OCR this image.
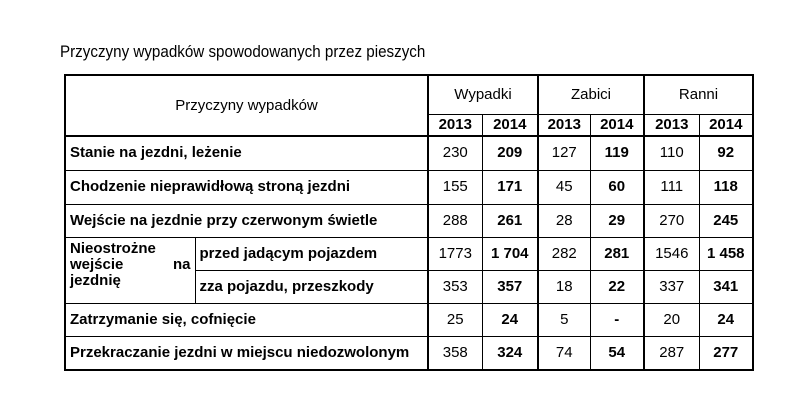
Przyczyny wypadków spowodowanych przez pieszych
Przyczyny wypadków		Wypadki		Zabici		Ranni	
		2013	2014	2013	2014	2013	2014
Stanie na jezdni, leżenie		230	209	127	119	110	92
Chodzenie nieprawidłową stroną jezdni		155	171	45	60	111	118
Wejście na jezdnie przy czerwonym świetle		288	261	28	29	270	245

Nieostrożne
wejście na
jezdnię	przed jadącym pojazdem	1773	1 704	282	281	1546	1 458
	zza pojazdu, przeszkody	353	357	18	22	337	341
Zatrzymanie się, cofnięcie		25	24	5	-	20	24
Przekraczanie jezdni w miejscu niedozwolonym		358	324	74	54	287	277
